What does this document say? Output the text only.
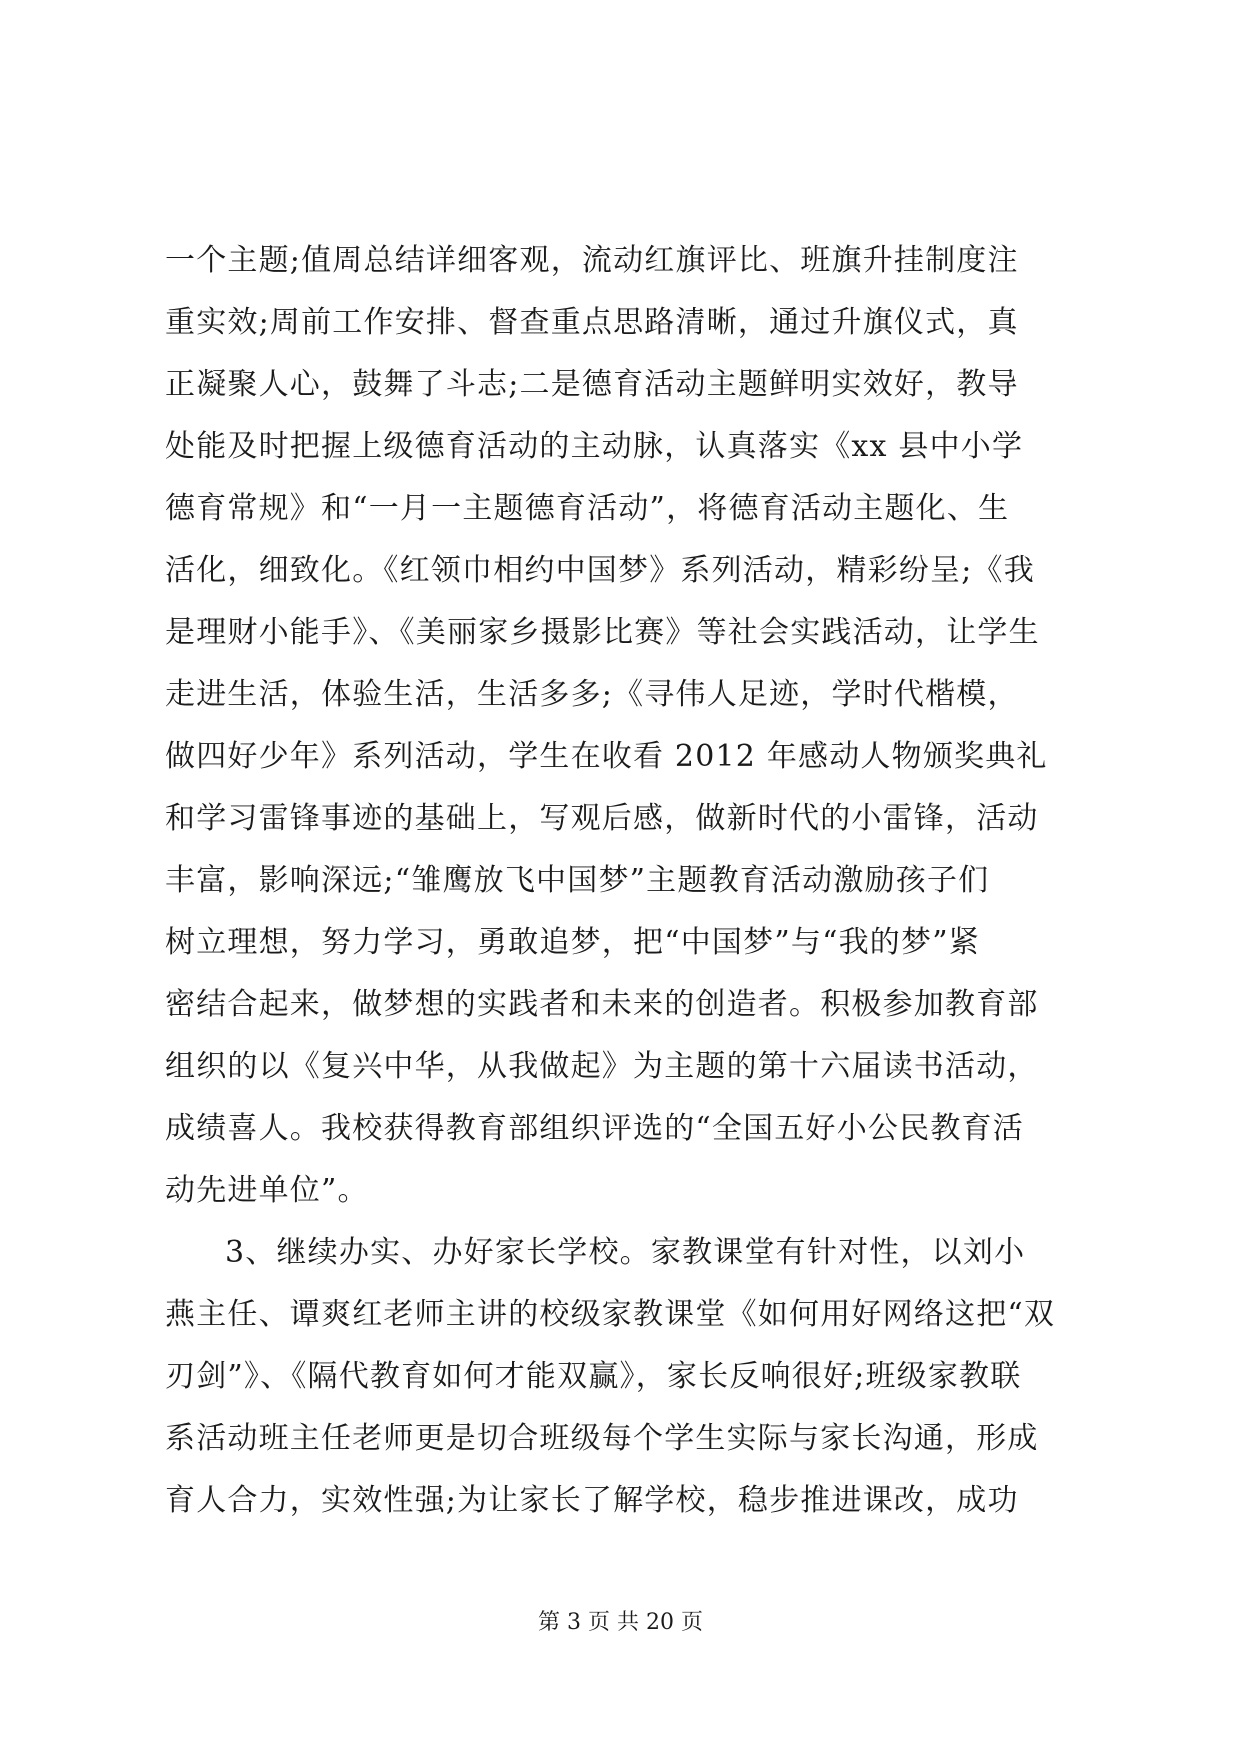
一个主题;值周总结详细客观，流动红旗评比、班旗升挂制度注
重实效;周前工作安排、督查重点思路清晰，通过升旗仪式，真
正凝聚人心，鼓舞了斗志;二是德育活动主题鲜明实效好，教导
处能及时把握上级德育活动的主动脉，认真落实《xx 县中小学
德育常规》和“一月一主题德育活动”，将德育活动主题化、生
活化，细致化。《红领巾相约中国梦》系列活动，精彩纷呈;《我
是理财小能手》、《美丽家乡摄影比赛》等社会实践活动，让学生
走进生活，体验生活，生活多多;《寻伟人足迹，学时代楷模，
做四好少年》系列活动，学生在收看 2012 年感动人物颁奖典礼
和学习雷锋事迹的基础上，写观后感，做新时代的小雷锋，活动
丰富，影响深远;“雏鹰放飞中国梦”主题教育活动激励孩子们
树立理想，努力学习，勇敢追梦，把“中国梦”与“我的梦”紧
密结合起来，做梦想的实践者和未来的创造者。积极参加教育部
组织的以《复兴中华，从我做起》为主题的第十六届读书活动，
成绩喜人。我校获得教育部组织评选的“全国五好小公民教育活
动先进单位”。
3、继续办实、办好家长学校。家教课堂有针对性，以刘小
燕主任、谭爽红老师主讲的校级家教课堂《如何用好网络这把“双
刃剑”》、《隔代教育如何才能双赢》，家长反响很好;班级家教联
系活动班主任老师更是切合班级每个学生实际与家长沟通，形成
育人合力，实效性强;为让家长了解学校，稳步推进课改，成功
第 3 页 共 20 页
